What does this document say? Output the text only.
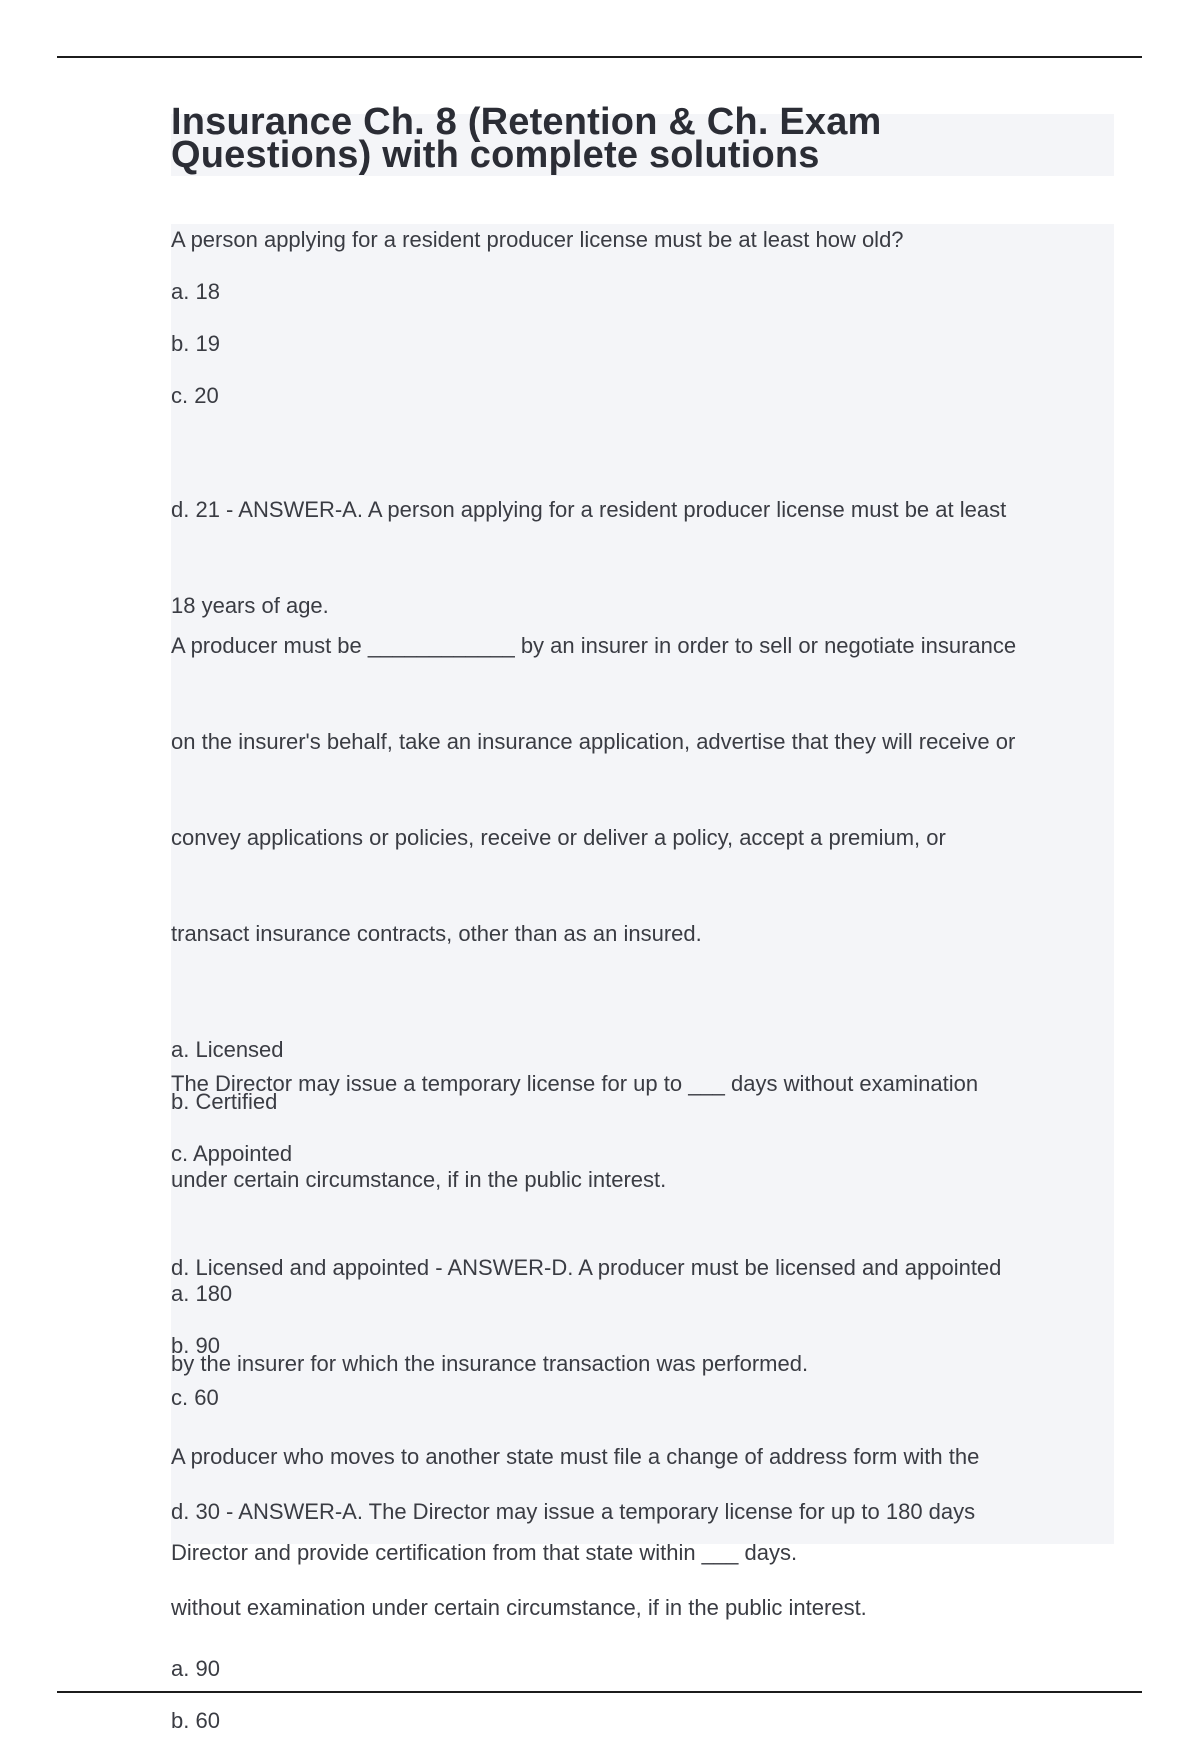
Insurance Ch. 8 (Retention & Ch. Exam
Questions) with complete solutions

A person applying for a resident producer license must be at least how old?

a. 18

b. 19

c. 20

d. 21 - ANSWER-A. A person applying for a resident producer license must be at least

18 years of age.

A producer must be ____________ by an insurer in order to sell or negotiate insurance

on the insurer's behalf, take an insurance application, advertise that they will receive or

convey applications or policies, receive or deliver a policy, accept a premium, or

transact insurance contracts, other than as an insured.

a. Licensed

b. Certified

c. Appointed

d. Licensed and appointed - ANSWER-D. A producer must be licensed and appointed

by the insurer for which the insurance transaction was performed.

The Director may issue a temporary license for up to ___ days without examination

under certain circumstance, if in the public interest.

a. 180

b. 90

c. 60

d. 30 - ANSWER-A. The Director may issue a temporary license for up to 180 days

without examination under certain circumstance, if in the public interest.

A producer who moves to another state must file a change of address form with the

Director and provide certification from that state within ___ days.

a. 90

b. 60
